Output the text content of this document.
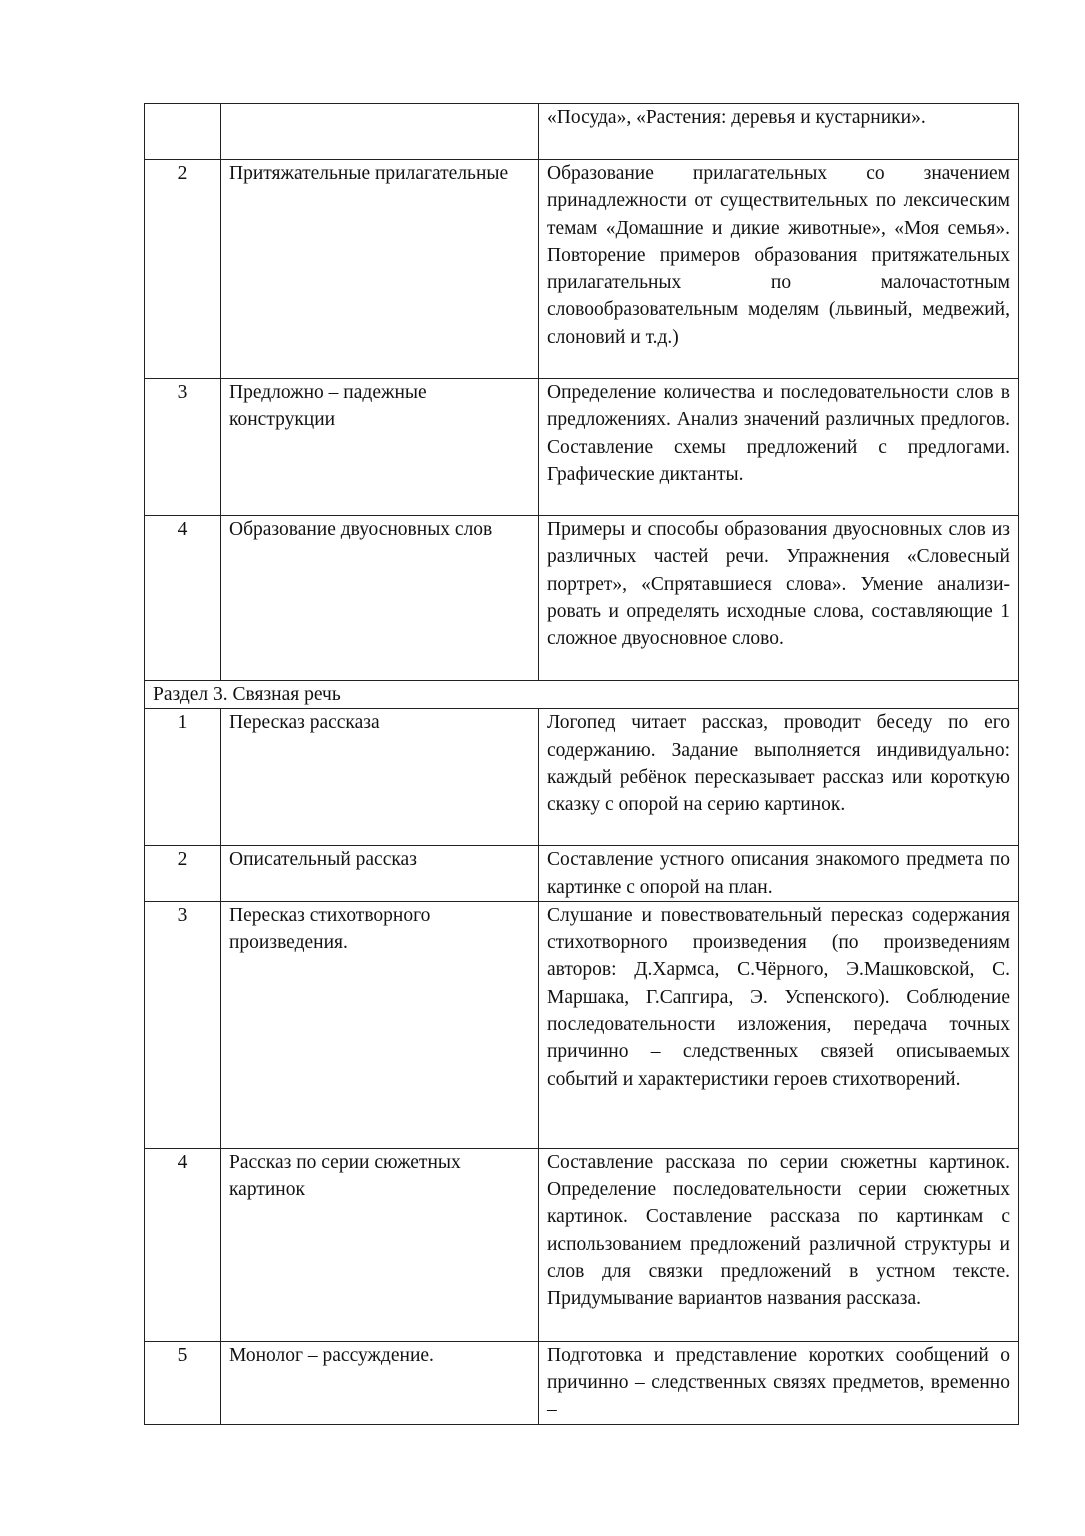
		«Посуда», «Растения: деревья и кустарники».
2	Притяжательные прилагательные	Образование прилагательных со значением принадлежности от существительных по лексическим темам «Домашние и дикие животные», «Моя семья». Повторение примеров образования притяжательных прилагательных по малочастотным словообразовательным моделям (львиный, медвежий, слоновий и т.д.)
3	Предложно – падежные конструкции	Определение количества и последовательности слов в предложениях. Анализ значений различных предлогов. Составление схемы предложений с предлогами. Графические диктанты.
4	Образование двуосновных слов	Примеры и способы образования двуосновных слов из различных частей речи. Упражнения «Словесный портрет», «Спрятавшиеся слова». Умение анализи-ровать и определять исходные слова, составляющие 1 сложное двуосновное слово.
Раздел 3. Связная речь		
1	Пересказ рассказа	Логопед читает рассказ, проводит беседу по его содержанию. Задание выполняется индивидуально: каждый ребёнок пересказывает рассказ или короткую сказку с опорой на серию картинок.
2	Описательный рассказ	Составление устного описания знакомого предмета по картинке с опорой на план.
3	Пересказ стихотворного произведения.	Слушание и повествовательный пересказ содержания стихотворного произведения (по произведениям авторов: Д.Хармса, С.Чёрного, Э.Машковской, С. Маршака, Г.Сапгира, Э. Успенского). Соблюдение последовательности изложения, передача точных причинно – следственных связей описываемых событий и характеристики героев стихотворений.
4	Рассказ по серии сюжетных картинок	Составление рассказа по серии сюжетны картинок. Определение последовательности серии сюжетных картинок. Составление рассказа по картинкам с использованием предложений различной структуры и слов для связки предложений в устном тексте. Придумывание вариантов названия рассказа.
5	Монолог – рассуждение.	Подготовка и представление коротких сообщений о причинно – следственных связях предметов, временно –
